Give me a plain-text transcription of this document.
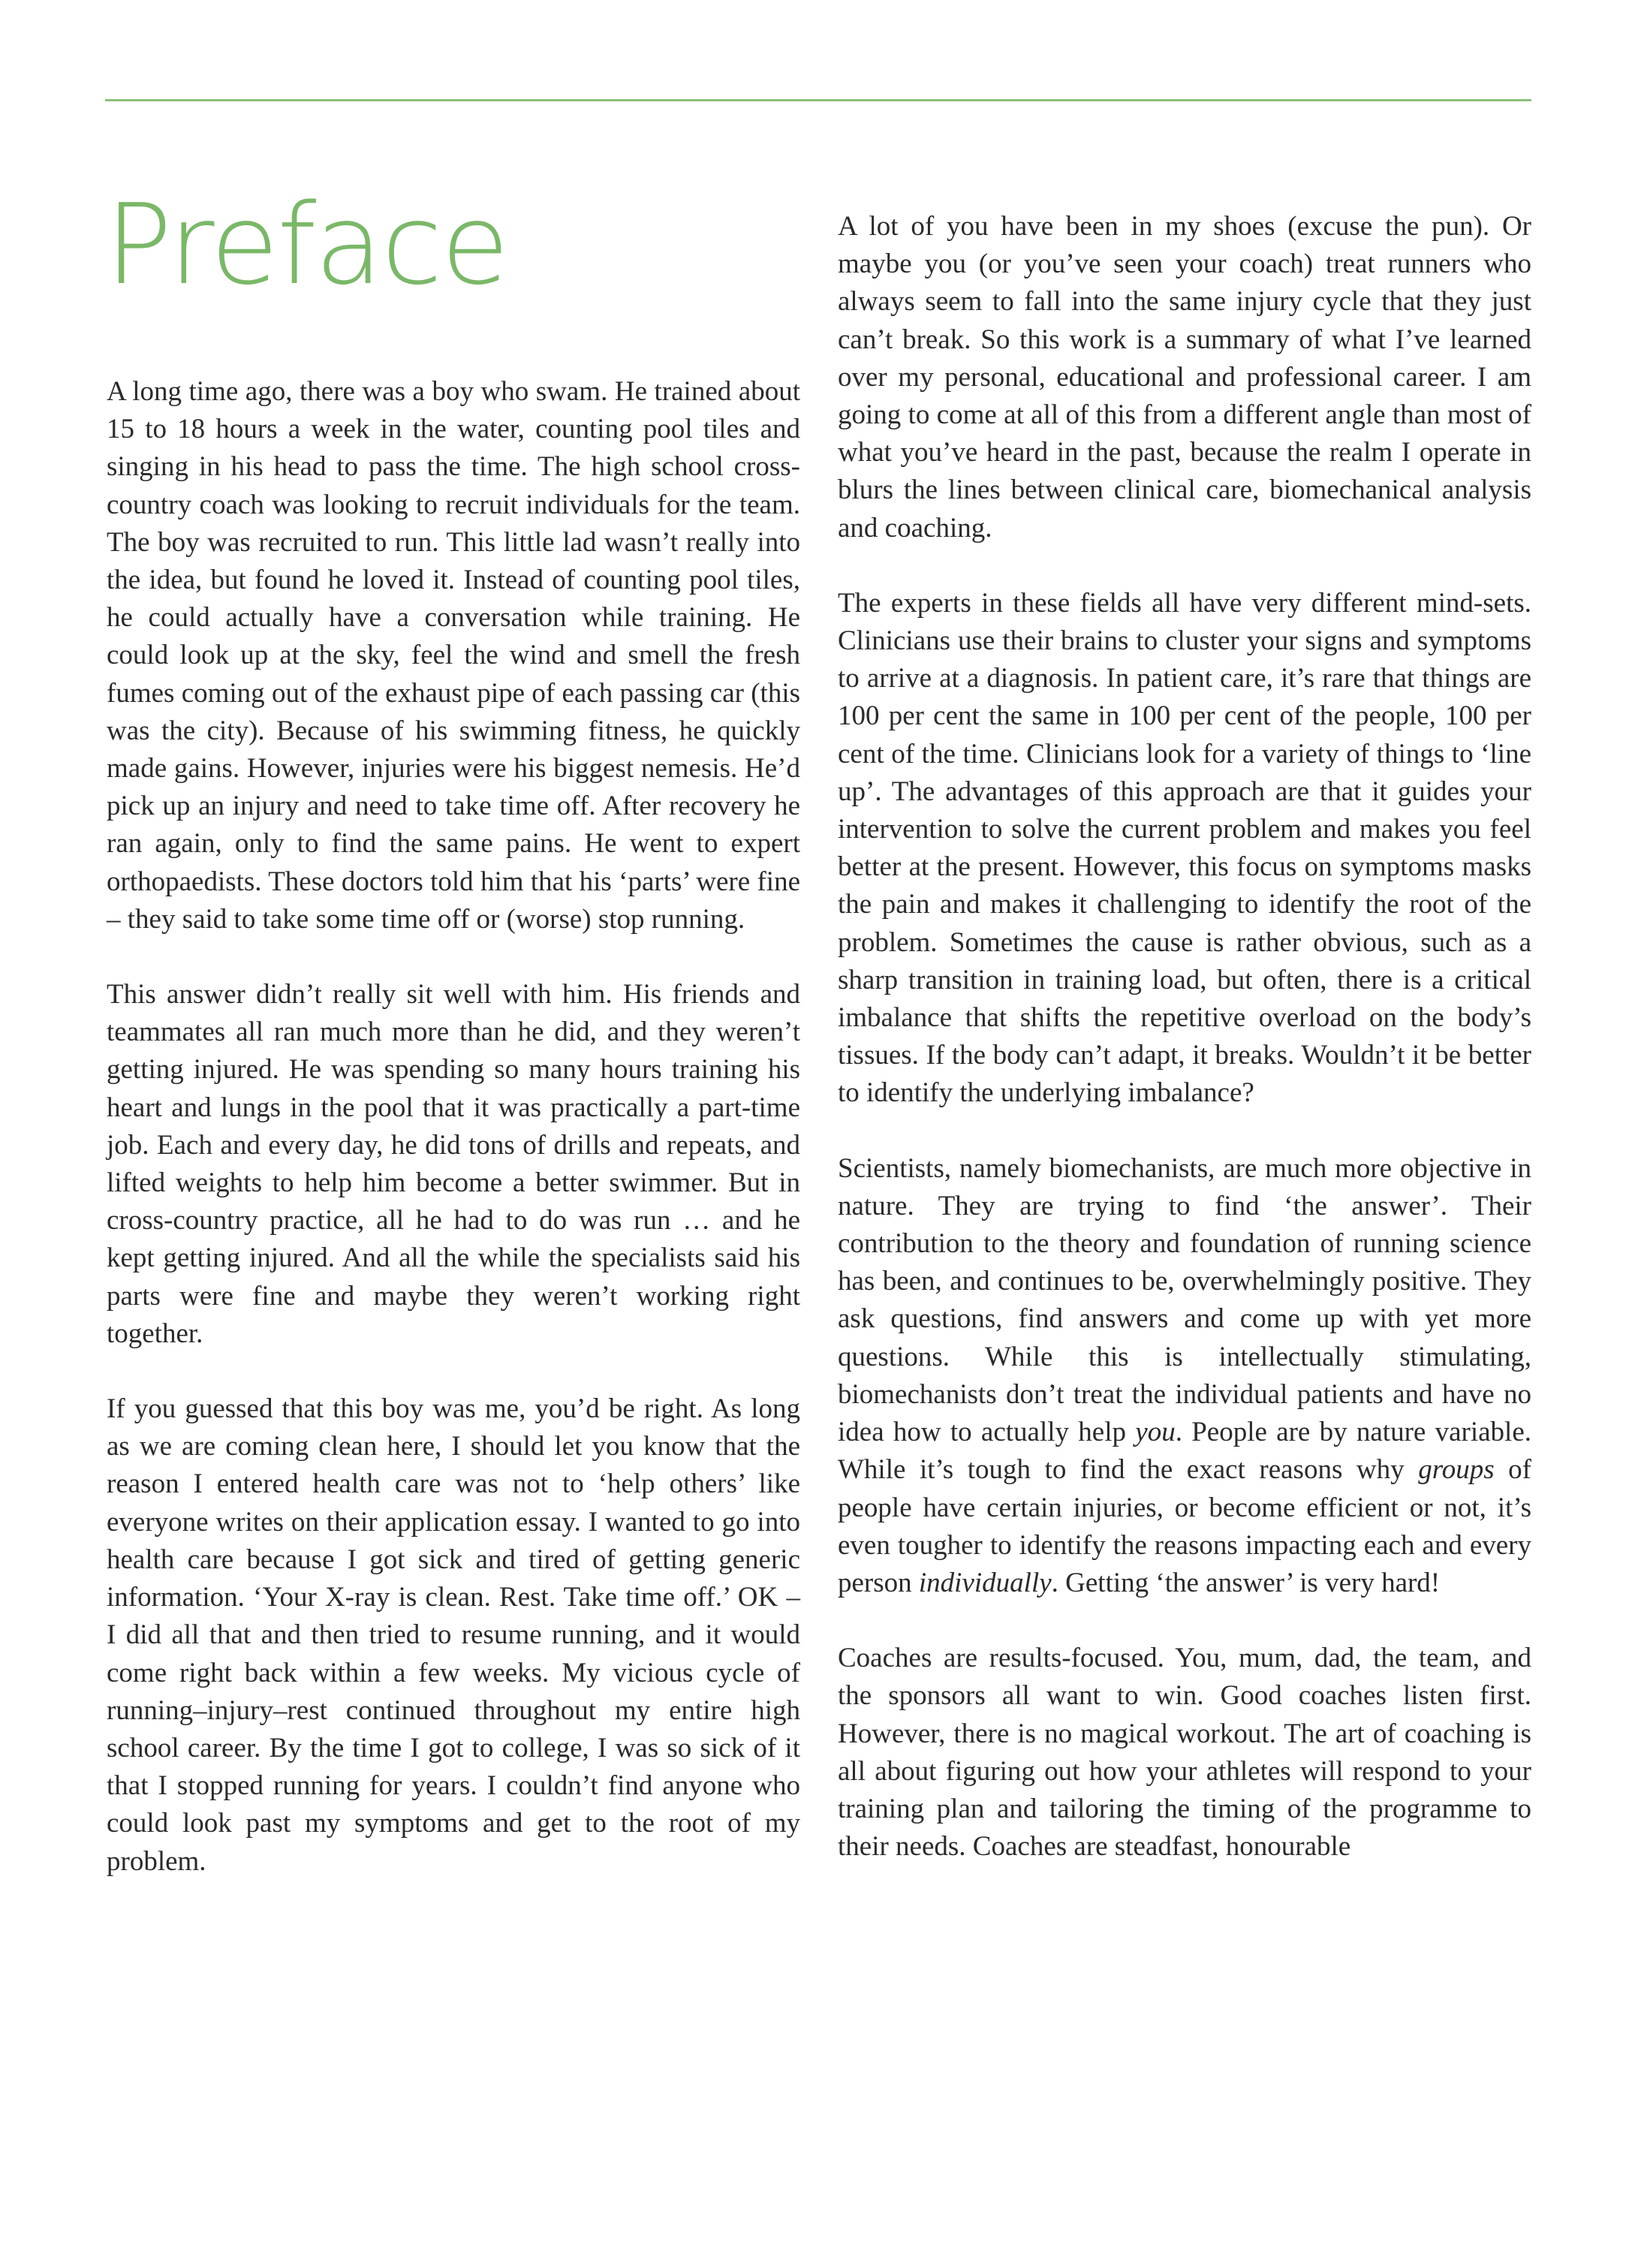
Preface

A long time ago, there was a boy who swam. He trained about 15 to 18 hours a week in the water, counting pool tiles and singing in his head to pass the time. The high school cross-country coach was looking to recruit individuals for the team. The boy was recruited to run. This little lad wasn’t really into the idea, but found he loved it. Instead of counting pool tiles, he could actually have a conversation while training. He could look up at the sky, feel the wind and smell the fresh fumes coming out of the exhaust pipe of each passing car (this was the city). Because of his swimming fitness, he quickly made gains. However, injuries were his biggest nemesis. He’d pick up an injury and need to take time off. After recovery he ran again, only to find the same pains. He went to expert orthopaedists. These doctors told him that his ‘parts’ were fine – they said to take some time off or (worse) stop running.

This answer didn’t really sit well with him. His friends and teammates all ran much more than he did, and they weren’t getting injured. He was spending so many hours training his heart and lungs in the pool that it was practically a part-time job. Each and every day, he did tons of drills and repeats, and lifted weights to help him become a better swimmer. But in cross-country practice, all he had to do was run … and he kept getting injured. And all the while the specialists said his parts were fine and maybe they weren’t working right together.

If you guessed that this boy was me, you’d be right. As long as we are coming clean here, I should let you know that the reason I entered health care was not to ‘help others’ like everyone writes on their application essay. I wanted to go into health care because I got sick and tired of getting generic information. ‘Your X-ray is clean. Rest. Take time off.’ OK – I did all that and then tried to resume running, and it would come right back within a few weeks. My vicious cycle of running–injury–rest continued throughout my entire high school career. By the time I got to college, I was so sick of it that I stopped running for years. I couldn’t find anyone who could look past my symptoms and get to the root of my problem.

A lot of you have been in my shoes (excuse the pun). Or maybe you (or you’ve seen your coach) treat runners who always seem to fall into the same injury cycle that they just can’t break. So this work is a summary of what I’ve learned over my personal, educational and professional career. I am going to come at all of this from a different angle than most of what you’ve heard in the past, because the realm I operate in blurs the lines between clinical care, biomechanical analysis and coaching.

The experts in these fields all have very different mind-sets. Clinicians use their brains to cluster your signs and symptoms to arrive at a diagnosis. In patient care, it’s rare that things are 100 per cent the same in 100 per cent of the people, 100 per cent of the time. Clinicians look for a variety of things to ‘line up’. The advantages of this approach are that it guides your intervention to solve the current problem and makes you feel better at the present. However, this focus on symptoms masks the pain and makes it challenging to identify the root of the problem. Sometimes the cause is rather obvious, such as a sharp transition in training load, but often, there is a critical imbalance that shifts the repetitive overload on the body’s tissues. If the body can’t adapt, it breaks. Wouldn’t it be better to identify the underlying imbalance?

Scientists, namely biomechanists, are much more objective in nature. They are trying to find ‘the answer’. Their contribution to the theory and foundation of running science has been, and continues to be, overwhelmingly positive. They ask questions, find answers and come up with yet more questions. While this is intellectually stimulating, biomechanists don’t treat the individual patients and have no idea how to actually help you. People are by nature variable. While it’s tough to find the exact reasons why groups of people have certain injuries, or become efficient or not, it’s even tougher to identify the reasons impacting each and every person individually. Getting ‘the answer’ is very hard!

Coaches are results-focused. You, mum, dad, the team, and the sponsors all want to win. Good coaches listen first. However, there is no magical workout. The art of coaching is all about figuring out how your athletes will respond to your training plan and tailoring the timing of the programme to their needs. Coaches are steadfast, honourable
